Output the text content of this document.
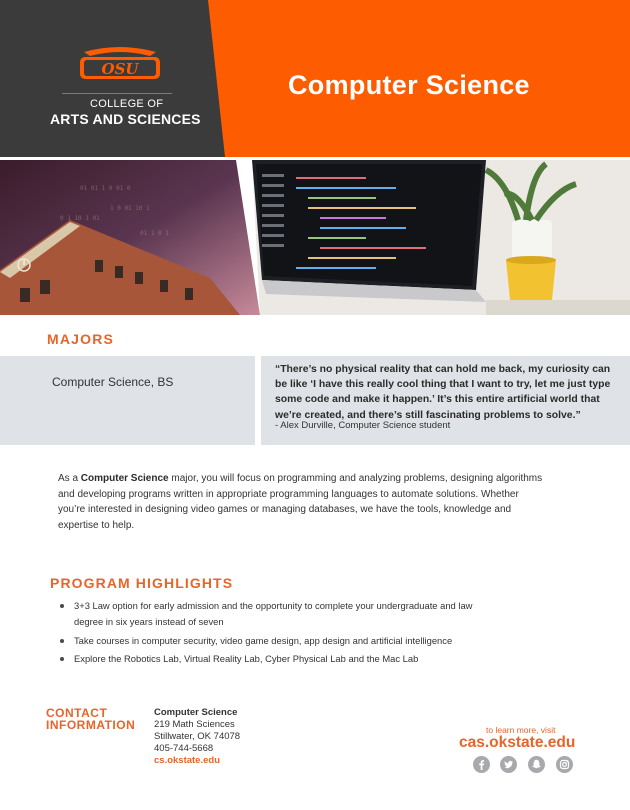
OSU
COLLEGE OF
ARTS AND SCIENCES
Computer Science
01 01 1 0 01 0
1 0 01 10 1
0 1 10 1 01
01 1 0 1
MAJORS
Computer Science, BS
“There’s no physical reality that can hold me back, my curiosity can be like ‘I have this really cool thing that I want to try, let me just type some code and make it happen.’ It’s this entire artificial world that we’re created, and there’s still fascinating problems to solve.”
- Alex Durville, Computer Science student
As a Computer Science major, you will focus on programming and analyzing problems, designing algorithms and developing programs written in appropriate programming languages to automate solutions. Whether you’re interested in designing video games or managing databases, we have the tools, knowledge and expertise to help.
PROGRAM HIGHLIGHTS
3+3 Law option for early admission and the opportunity to complete your undergraduate and law degree in six years instead of seven
Take courses in computer security, video game design, app design and artificial intelligence
Explore the Robotics Lab, Virtual Reality Lab, Cyber Physical Lab and the Mac Lab
CONTACT
INFORMATION
Computer Science
219 Math Sciences
Stillwater, OK 74078
405-744-5668
cs.okstate.edu
to learn more, visit
cas.okstate.edu
